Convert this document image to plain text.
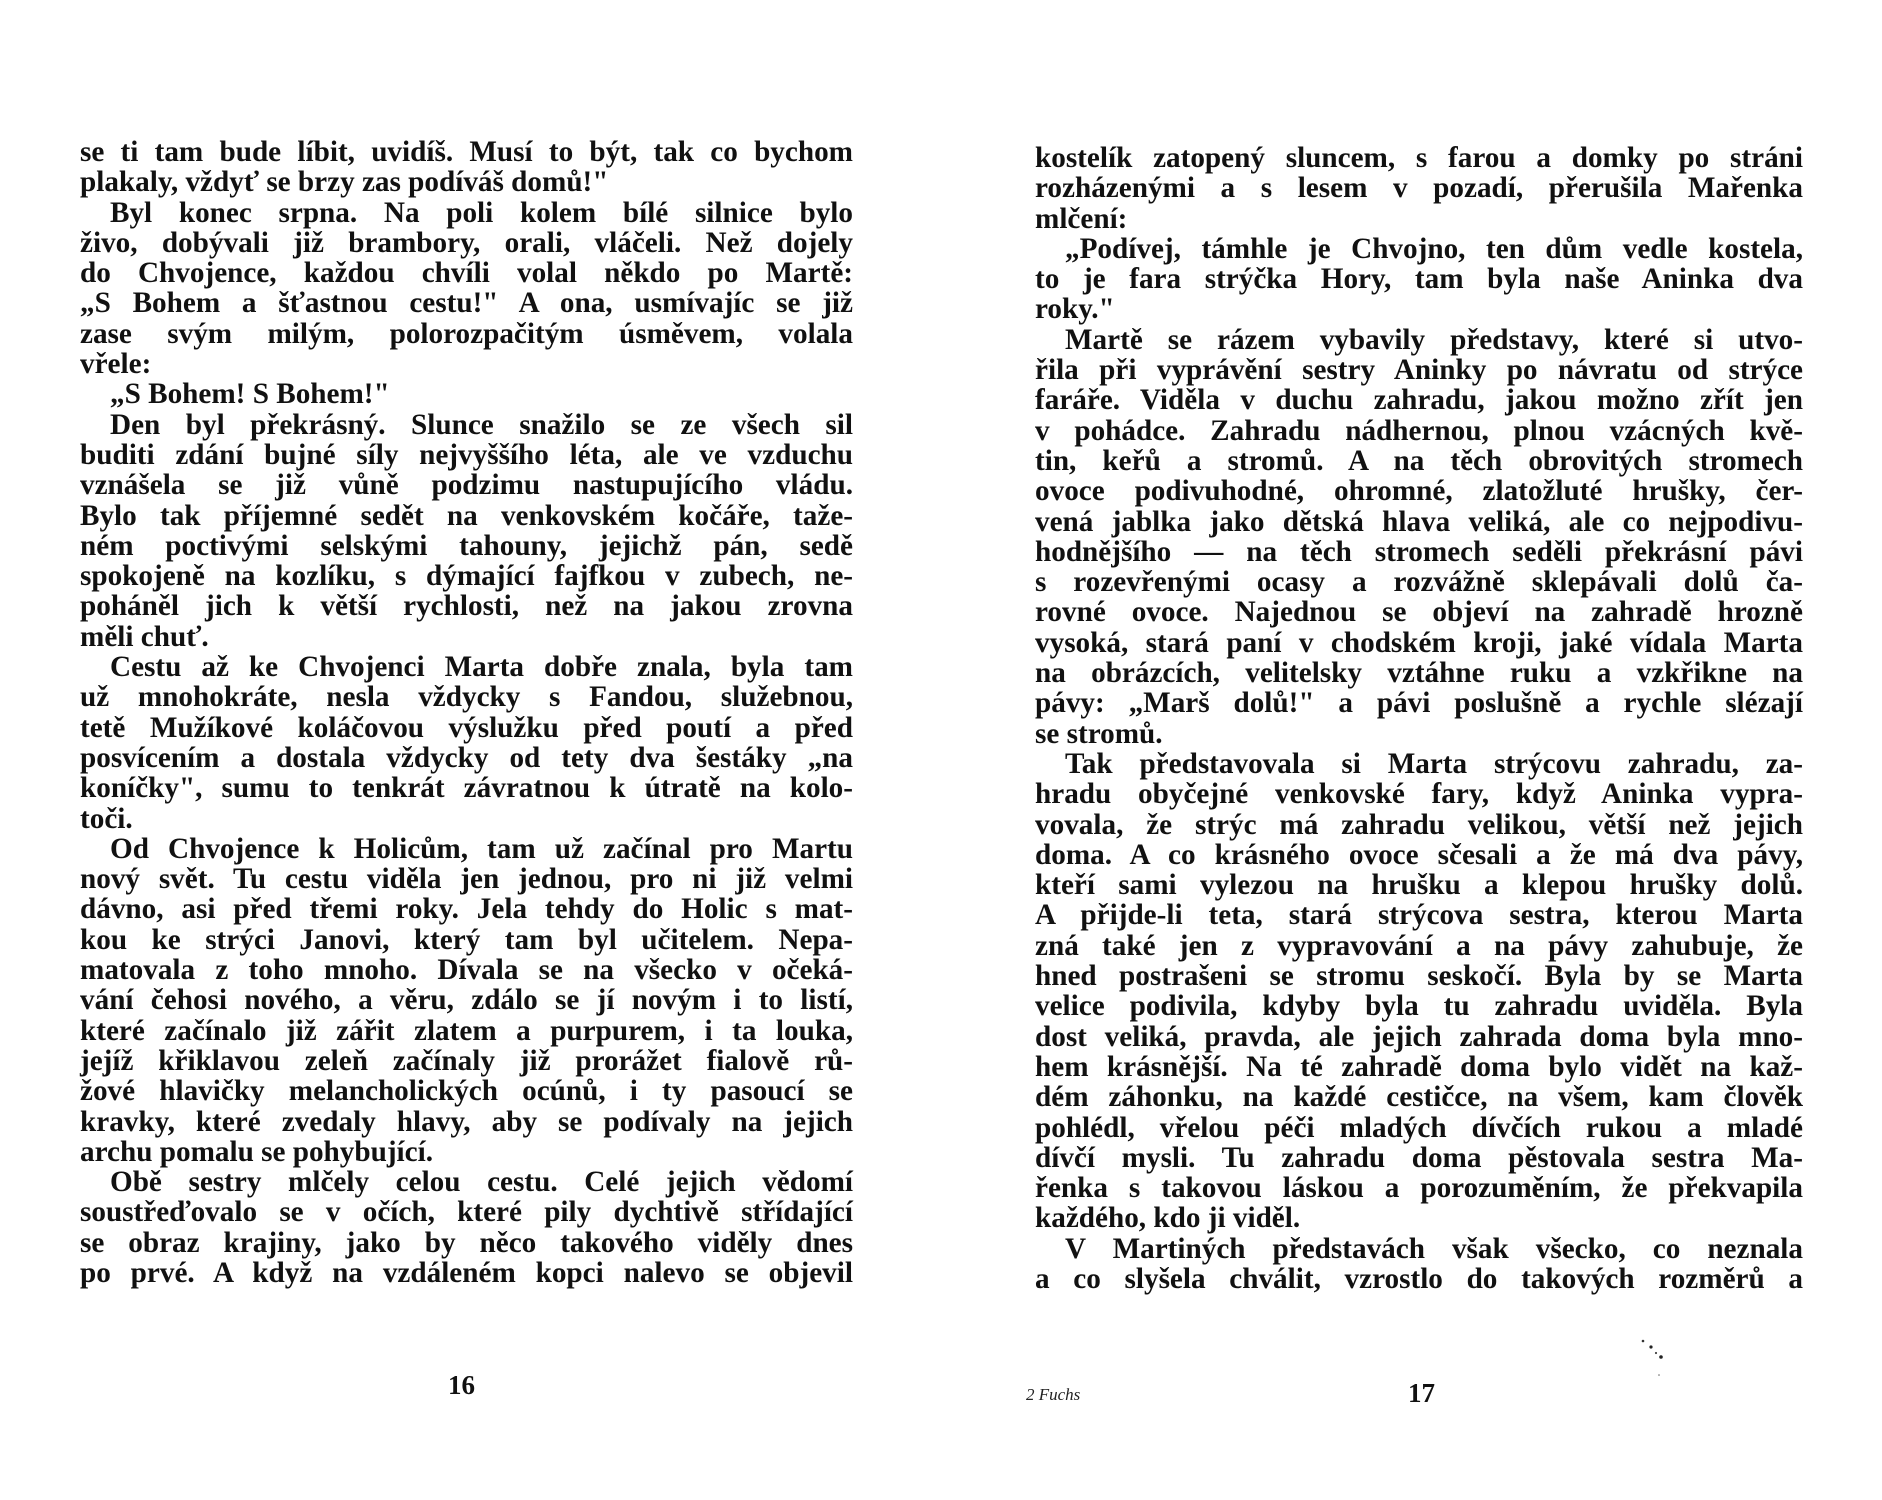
se ti tam bude líbit, uvidíš. Musí to být, tak co bychom
plakaly, vždyť se brzy zas podíváš domů!"
Byl konec srpna. Na poli kolem bílé silnice bylo
živo, dobývali již brambory, orali, vláčeli. Než dojely
do Chvojence, každou chvíli volal někdo po Martě:
„S Bohem a šťastnou cestu!" A ona, usmívajíc se již
zase svým milým, polorozpačitým úsměvem, volala
vřele:
„S Bohem! S Bohem!"
Den byl překrásný. Slunce snažilo se ze všech sil
buditi zdání bujné síly nejvyššího léta, ale ve vzduchu
vznášela se již vůně podzimu nastupujícího vládu.
Bylo tak příjemné sedět na venkovském kočáře, taže-
ném poctivými selskými tahouny, jejichž pán, sedě
spokojeně na kozlíku, s dýmající fajfkou v zubech, ne-
poháněl jich k větší rychlosti, než na jakou zrovna
měli chuť.
Cestu až ke Chvojenci Marta dobře znala, byla tam
už mnohokráte, nesla vždycky s Fandou, služebnou,
tetě Mužíkové koláčovou výslužku před poutí a před
posvícením a dostala vždycky od tety dva šestáky „na
koníčky", sumu to tenkrát závratnou k útratě na kolo-
toči.
Od Chvojence k Holicům, tam už začínal pro Martu
nový svět. Tu cestu viděla jen jednou, pro ni již velmi
dávno, asi před třemi roky. Jela tehdy do Holic s mat-
kou ke strýci Janovi, který tam byl učitelem. Nepa-
matovala z toho mnoho. Dívala se na všecko v očeká-
vání čehosi nového, a věru, zdálo se jí novým i to listí,
které začínalo již zářit zlatem a purpurem, i ta louka,
jejíž křiklavou zeleň začínaly již prorážet fialově rů-
žové hlavičky melancholických ocúnů, i ty pasoucí se
kravky, které zvedaly hlavy, aby se podívaly na jejich
archu pomalu se pohybující.
Obě sestry mlčely celou cestu. Celé jejich vědomí
soustřeďovalo se v očích, které pily dychtivě střídající
se obraz krajiny, jako by něco takového viděly dnes
po prvé. A když na vzdáleném kopci nalevo se objevil
16
kostelík zatopený sluncem, s farou a domky po stráni
rozházenými a s lesem v pozadí, přerušila Mařenka
mlčení:
„Podívej, támhle je Chvojno, ten dům vedle kostela,
to je fara strýčka Hory, tam byla naše Aninka dva
roky."
Martě se rázem vybavily představy, které si utvo-
řila při vyprávění sestry Aninky po návratu od strýce
faráře. Viděla v duchu zahradu, jakou možno zřít jen
v pohádce. Zahradu nádhernou, plnou vzácných kvě-
tin, keřů a stromů. A na těch obrovitých stromech
ovoce podivuhodné, ohromné, zlatožluté hrušky, čer-
vená jablka jako dětská hlava veliká, ale co nejpodivu-
hodnějšího — na těch stromech seděli překrásní pávi
s rozevřenými ocasy a rozvážně sklepávali dolů ča-
rovné ovoce. Najednou se objeví na zahradě hrozně
vysoká, stará paní v chodském kroji, jaké vídala Marta
na obrázcích, velitelsky vztáhne ruku a vzkřikne na
pávy: „Marš dolů!" a pávi poslušně a rychle slézají
se stromů.
Tak představovala si Marta strýcovu zahradu, za-
hradu obyčejné venkovské fary, když Aninka vypra-
vovala, že strýc má zahradu velikou, větší než jejich
doma. A co krásného ovoce sčesali a že má dva pávy,
kteří sami vylezou na hrušku a klepou hrušky dolů.
A přijde-li teta, stará strýcova sestra, kterou Marta
zná také jen z vypravování a na pávy zahubuje, že
hned postrašeni se stromu seskočí. Byla by se Marta
velice podivila, kdyby byla tu zahradu uviděla. Byla
dost veliká, pravda, ale jejich zahrada doma byla mno-
hem krásnější. Na té zahradě doma bylo vidět na kaž-
dém záhonku, na každé cestičce, na všem, kam člověk
pohlédl, vřelou péči mladých dívčích rukou a mladé
dívčí mysli. Tu zahradu doma pěstovala sestra Ma-
řenka s takovou láskou a porozuměním, že překvapila
každého, kdo ji viděl.
V Martiných představách však všecko, co neznala
a co slyšela chválit, vzrostlo do takových rozměrů a
2 Fuchs	17
